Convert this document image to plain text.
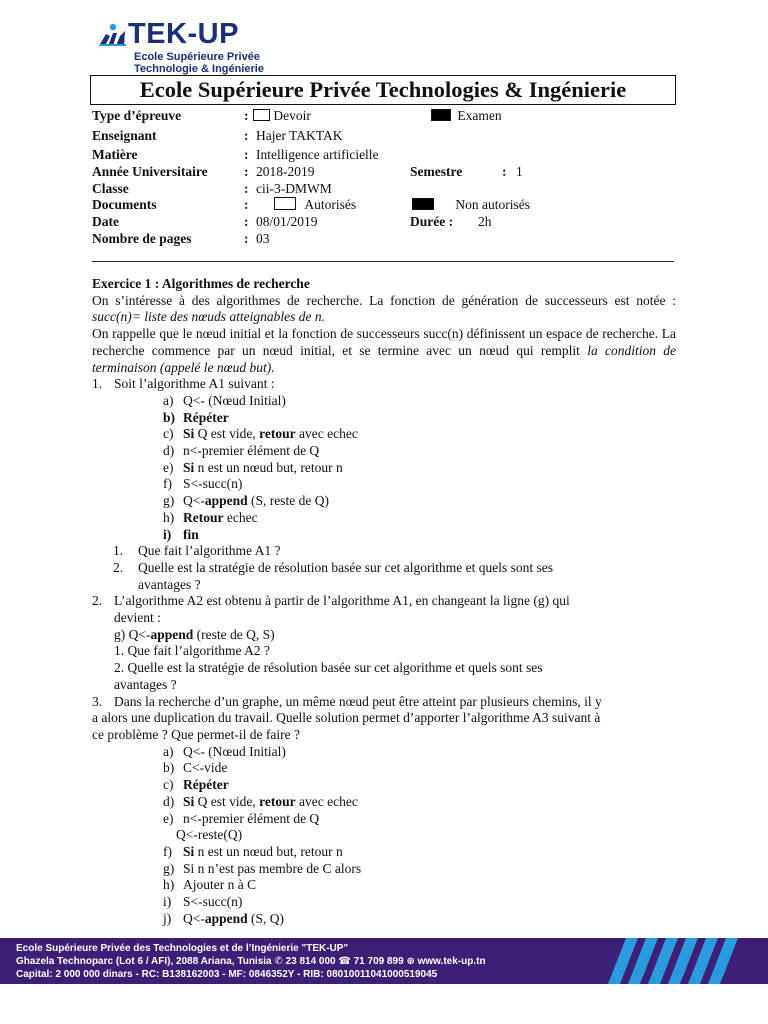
TEK-UP
Ecole Supérieure Privée
Technologie & Ingénierie
Ecole Supérieure Privée Technologies & Ingénierie
Type d’épreuve	:	Devoir	Examen
Enseignant	: Hajer TAKTAK
Matière	: Intelligence artificielle
Année Universitaire	: 2018-2019	Semestre	: 1
Classe	: cii-3-DMWM
Documents	:	Autorisés	Non autorisés
Date	: 08/01/2019	Durée : 2h
Nombre de pages	: 03

Exercice 1 : Algorithmes de recherche

On s’intéresse à des algorithmes de recherche. La fonction de génération de successeurs est notée : succ(n)= liste des nœuds atteignables de n.

On rappelle que le nœud initial et la fonction de successeurs succ(n) définissent un espace de recherche. La recherche commence par un nœud initial, et se termine avec un nœud qui remplit la condition de terminaison (appelé le nœud but).

1. Soit l’algorithme A1 suivant :

a) Q<- (Nœud Initial)

b) Répéter

c) Si Q est vide, retour avec echec

d) n<-premier élément de Q

e) Si n est un nœud but, retour n

f) S<-succ(n)

g) Q<-append (S, reste de Q)

h) Retour echec

i) fin

1. Que fait l’algorithme A1 ?

2. Quelle est la stratégie de résolution basée sur cet algorithme et quels sont ses

avantages ?

2. L’algorithme A2 est obtenu à partir de l’algorithme A1, en changeant la ligne (g) qui

devient :

g) Q<-append (reste de Q, S)

1. Que fait l’algorithme A2 ?

2. Quelle est la stratégie de résolution basée sur cet algorithme et quels sont ses

avantages ?

3. Dans la recherche d’un graphe, un même nœud peut être atteint par plusieurs chemins, il y

a alors une duplication du travail. Quelle solution permet d’apporter l’algorithme A3 suivant à

ce problème ? Que permet-il de faire ?

a) Q<- (Nœud Initial)

b) C<-vide

c) Répéter

d) Si Q est vide, retour avec echec

e) n<-premier élément de Q

Q<-reste(Q)

f) Si n est un nœud but, retour n

g) Si n n’est pas membre de C alors

h) Ajouter n à C

i) S<-succ(n)

j) Q<-append (S, Q)

Ecole Supérieure Privée des Technologies et de l’Ingénierie "TEK-UP"
Ghazela Technoparc (Lot 6 / AFI), 2088 Ariana, Tunisia ✆ 23 814 000 ☎ 71 709 899 ⊕ www.tek-up.tn
Capital: 2 000 000 dinars - RC: B138162003 - MF: 0846352Y - RIB: 08010011041000519045
